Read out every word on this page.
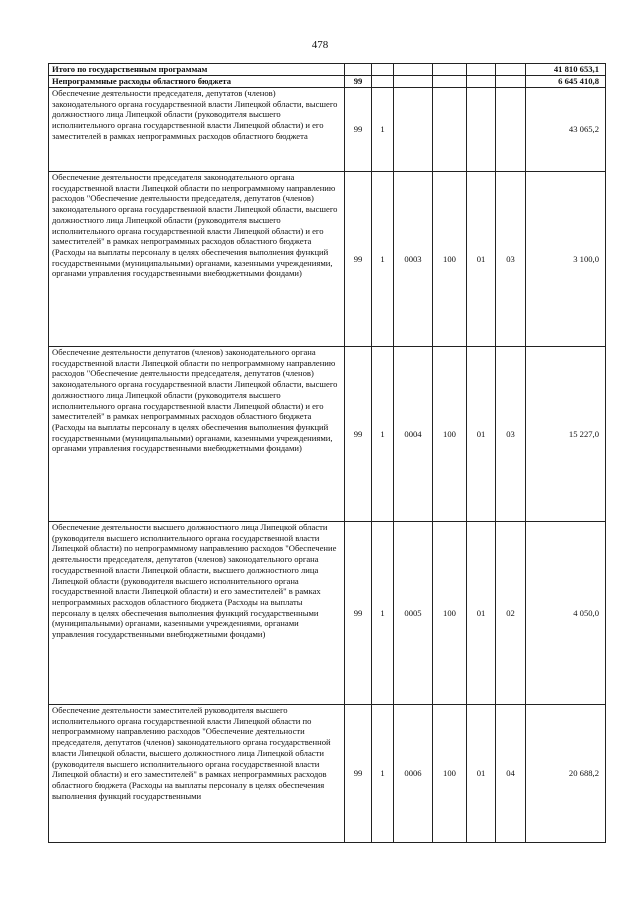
478
Итого по государственным программам							41 810 653,1
Непрограммные расходы областного бюджета	99						6 645 410,8
Обеспечение деятельности председателя, депутатов (членов) законодательного органа государственной власти Липецкой области, высшего должностного лица Липецкой области (руководителя высшего исполнительного органа государственной власти Липецкой области) и его заместителей в рамках непрограммных расходов областного бюджета	99	1					43 065,2
Обеспечение деятельности председателя законодательного органа государственной власти Липецкой области по непрограммному направлению расходов "Обеспечение деятельности председателя, депутатов (членов) законодательного органа государственной власти Липецкой области, высшего должностного лица Липецкой области (руководителя высшего исполнительного органа государственной власти Липецкой области) и его заместителей" в рамках непрограммных расходов областного бюджета (Расходы на выплаты персоналу в целях обеспечения выполнения функций государственными (муниципальными) органами, казенными учреждениями, органами управления государственными внебюджетными фондами)	99	1	0003	100	01	03	3 100,0
Обеспечение деятельности депутатов (членов) законодательного органа государственной власти Липецкой области по непрограммному направлению расходов "Обеспечение деятельности председателя, депутатов (членов) законодательного органа государственной власти Липецкой области, высшего должностного лица Липецкой области (руководителя высшего исполнительного органа государственной власти Липецкой области) и его заместителей" в рамках непрограммных расходов областного бюджета (Расходы на выплаты персоналу в целях обеспечения выполнения функций государственными (муниципальными) органами, казенными учреждениями, органами управления государственными внебюджетными фондами)	99	1	0004	100	01	03	15 227,0
Обеспечение деятельности высшего должностного лица Липецкой области (руководителя высшего исполнительного органа государственной власти Липецкой области) по непрограммному направлению расходов "Обеспечение деятельности председателя, депутатов (членов) законодательного органа государственной власти Липецкой области, высшего должностного лица Липецкой области (руководителя высшего исполнительного органа государственной власти Липецкой области) и его заместителей" в рамках непрограммных расходов областного бюджета (Расходы на выплаты персоналу в целях обеспечения выполнения функций государственными (муниципальными) органами, казенными учреждениями, органами управления государственными внебюджетными фондами)	99	1	0005	100	01	02	4 050,0
Обеспечение деятельности заместителей руководителя высшего исполнительного органа государственной власти Липецкой области по непрограммному направлению расходов "Обеспечение деятельности председателя, депутатов (членов) законодательного органа государственной власти Липецкой области, высшего должностного лица Липецкой области (руководителя высшего исполнительного органа государственной власти Липецкой области) и его заместителей" в рамках непрограммных расходов областного бюджета (Расходы на выплаты персоналу в целях обеспечения выполнения функций государственными	99	1	0006	100	01	04	20 688,2
